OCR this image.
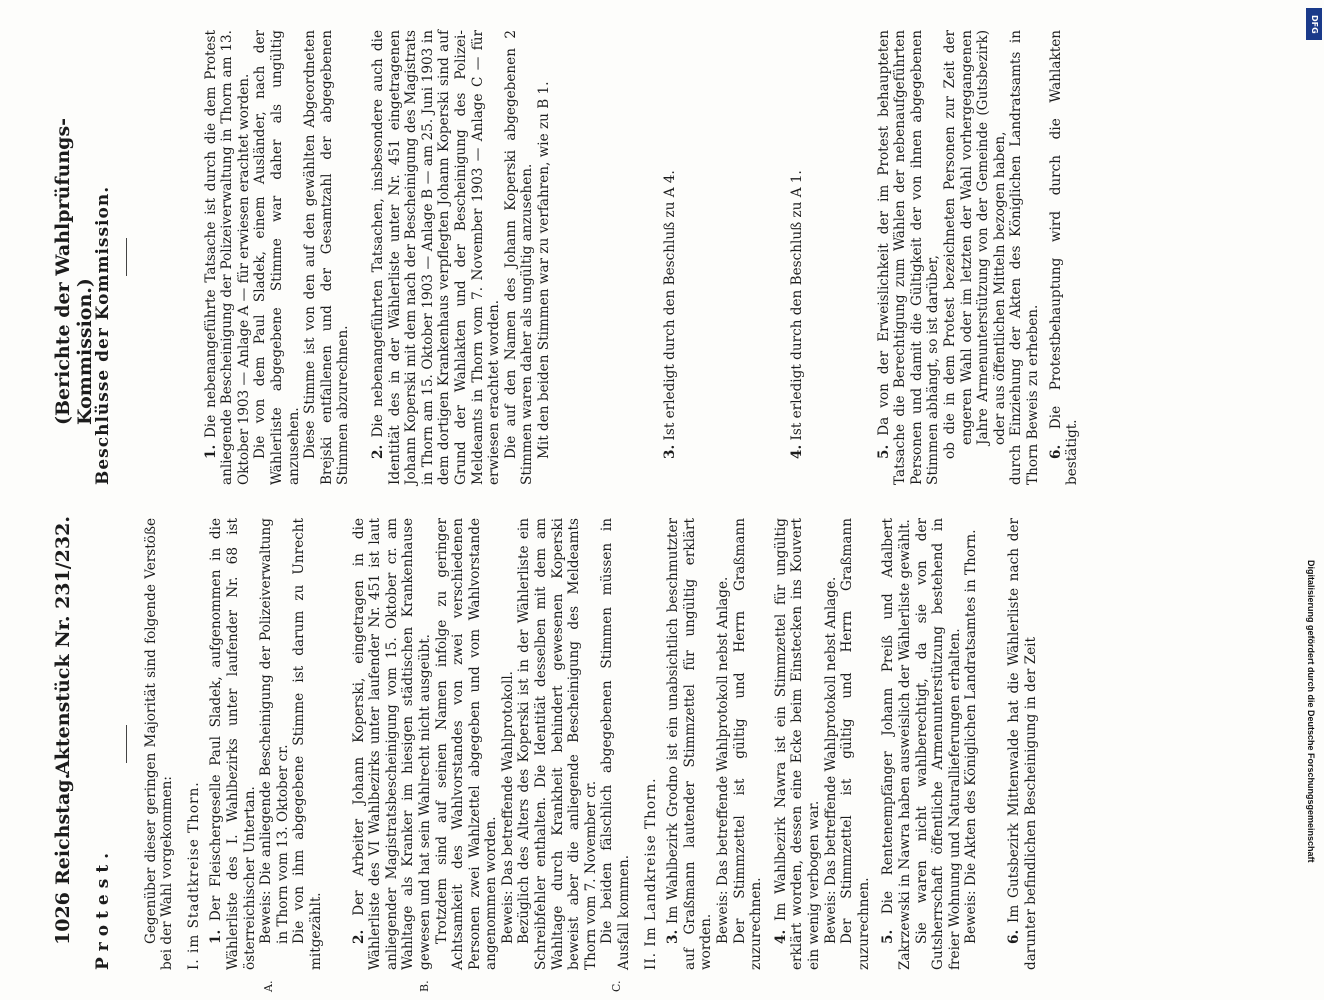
1026
Reichstag.
Aktenstück Nr. 231/232.
(Berichte der Wahlprüfungs-Kommission.)

Protest. Gegenüber dieser geringen Majorität sind folgende Verstöße bei der Wahl vorgekommen: I. im Stadtkreise Thorn. 1. Der Fleischergeselle Paul Sladek, aufgenommen in die Wählerliste des I. Wahlbezirks unter laufender Nr. 68 ist österreichischer Untertan. Beweis: Die anliegende Bescheinigung der Polizeiverwaltung in Thorn vom 13. Oktober cr. Die von ihm abgegebene Stimme ist darum zu Unrecht mitgezählt. 2. Der Arbeiter Johann Koperski, eingetragen in die Wählerliste des VI Wahlbezirks unter laufender Nr. 451 ist laut anliegender Magistratsbescheinigung vom 15. Oktober cr. am Wahltage als Kranker im hiesigen städtischen Krankenhause gewesen und hat sein Wahlrecht nicht ausgeübt. Trotzdem sind auf seinen Namen infolge zu geringer Achtsamkeit des Wahlvorstandes von zwei verschiedenen Personen zwei Wahlzettel abgegeben und vom Wahlvorstande angenommen worden. Beweis: Das betreffende Wahlprotokoll. Bezüglich des Alters des Koperski ist in der Wählerliste ein Schreibfehler enthalten. Die Identität desselben mit dem am Wahltage durch Krankheit behindert gewesenen Koperski beweist aber die anliegende Bescheinigung des Meldeamts Thorn vom 7. November cr. Die beiden fälschlich abgegebenen Stimmen müssen in Ausfall kommen. II. Im Landkreise Thorn. 3. Im Wahlbezirk Grodno ist ein unabsichtlich beschmutzter auf Graßmann lautender Stimmzettel für ungültig erklärt worden. Beweis: Das betreffende Wahlprotokoll nebst Anlage. Der Stimmzettel ist gültig und Herrn Graßmann zuzurechnen. 4. Im Wahlbezirk Nawra ist ein Stimmzettel für ungültig erklärt worden, dessen eine Ecke beim Einstecken ins Kouvert ein wenig verbogen war. Beweis: Das betreffende Wahlprotokoll nebst Anlage. Der Stimmzettel ist gültig und Herrn Graßmann zuzurechnen. 5. Die Rentenempfänger Johann Preiß und Adalbert Zakrzewski in Nawra haben ausweislich der Wählerliste gewählt. Sie waren nicht wahlberechtigt, da sie von der Gutsherrschaft öffentliche Armenunterstützung bestehend in freier Wohnung und Naturallieferungen erhalten. Beweis: Die Akten des Königlichen Landratsamtes in Thorn. 6. Im Gutsbezirk Mittenwalde hat die Wählerliste nach der darunter befindlichen Bescheinigung in der Zeit

A.	B.	C.

Beschlüsse der Kommission.	1. Die nebenangeführte Tatsache ist durch die dem Protest anliegende Bescheinigung der Polizeiverwaltung in Thorn am 13. Oktober 1903 — Anlage A — für erwiesen erachtet worden. Die von dem Paul Sladek, einem Ausländer, nach der Wählerliste abgegebene Stimme war daher als ungültig anzusehen. Diese Stimme ist von den auf den gewählten Abgeordneten Brejski entfallenen und der Gesamtzahl der abgegebenen Stimmen abzurechnen. 2. Die nebenangeführten Tatsachen, insbesondere auch die Identität des in der Wählerliste unter Nr. 451 eingetragenen Johann Koperski mit dem nach der Bescheinigung des Magistrats in Thorn am 15. Oktober 1903 — Anlage B — am 25. Juni 1903 in dem dortigen Krankenhaus verpflegten Johann Koperski sind auf Grund der Wahlakten und der Bescheinigung des Polizei-Meldeamts in Thorn vom 7. November 1903 — Anlage C — für erwiesen erachtet worden. Die auf den Namen des Johann Koperski abgegebenen 2 Stimmen waren daher als ungültig anzusehen. Mit den beiden Stimmen war zu verfahren, wie zu B 1.	3. Ist erledigt durch den Beschluß zu A 4.

4. Ist erledigt durch den Beschluß zu A 1.

5. Da von der Erweislichkeit der im Protest behaupteten Tatsache die Berechtigung zum Wählen der nebenaufgeführten Personen und damit die Gültigkeit der von ihnen abgegebenen Stimmen abhängt, so ist darüber, ob die in dem Protest bezeichneten Personen zur Zeit der engeren Wahl oder im letzten der Wahl vorhergegangenen Jahre Armenunterstützung von der Gemeinde (Gutsbezirk) oder aus öffentlichen Mitteln bezogen haben, durch Einziehung der Akten des Königlichen Landratsamts in Thorn Beweis zu erheben. 6. Die Protestbehauptung wird durch die Wahlakten bestätigt.

DFG
Digitalisierung gefördert durch die Deutsche Forschungsgemeinschaft
